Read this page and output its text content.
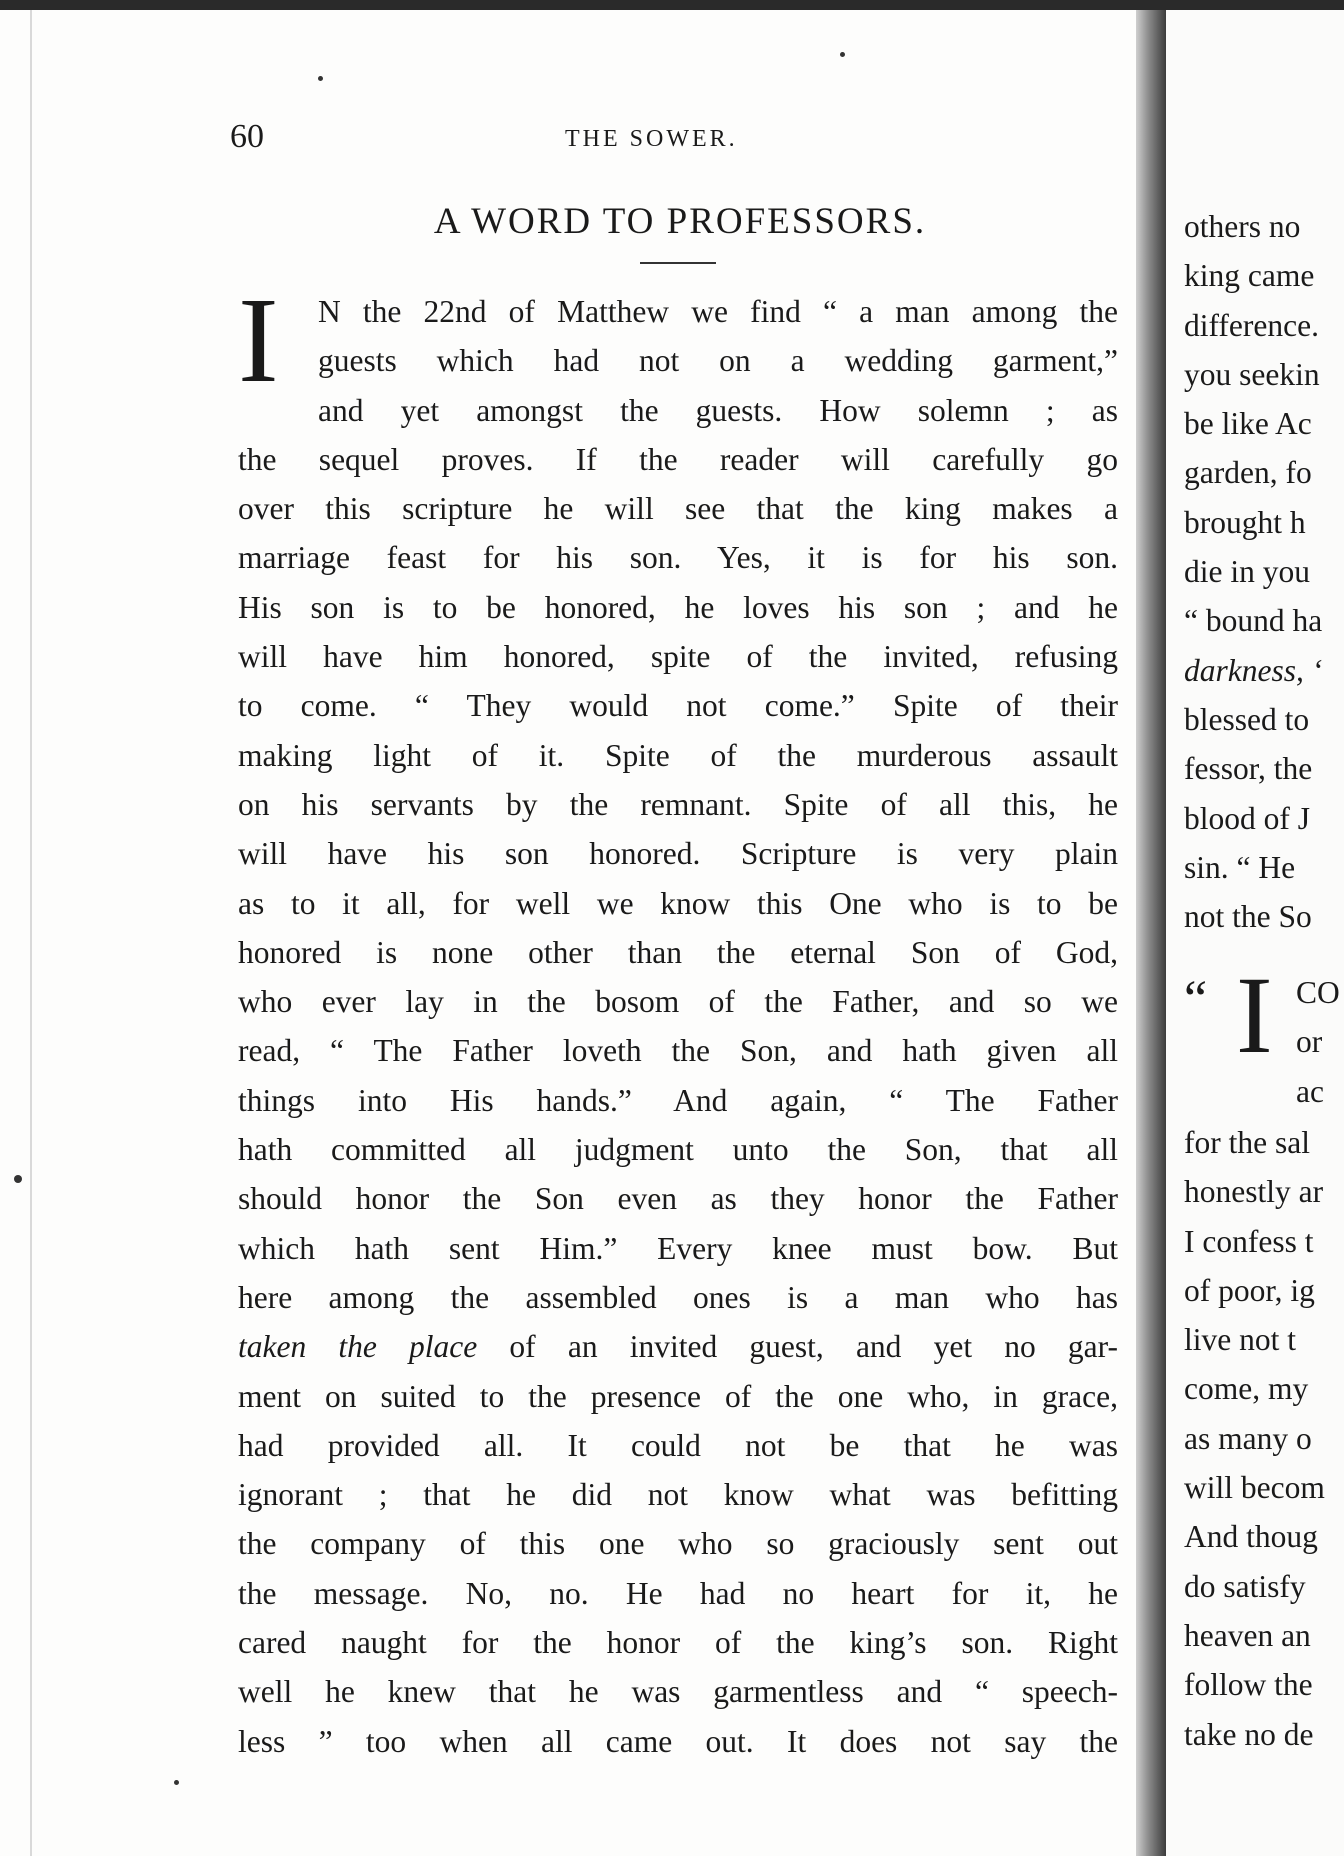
60	THE SOWER.
A WORD TO PROFESSORS.
I N the 22nd of Matthew we find “ a man among the
guests which had not on a wedding garment,”
and yet amongst the guests. How solemn ; as
the sequel proves. If the reader will carefully go
over this scripture he will see that the king makes a
marriage feast for his son. Yes, it is for his son.
His son is to be honored, he loves his son ; and he
will have him honored, spite of the invited, refusing
to come. “ They would not come.” Spite of their
making light of it. Spite of the murderous assault
on his servants by the remnant. Spite of all this, he
will have his son honored. Scripture is very plain
as to it all, for well we know this One who is to be
honored is none other than the eternal Son of God,
who ever lay in the bosom of the Father, and so we
read, “ The Father loveth the Son, and hath given all
things into His hands.” And again, “ The Father
hath committed all judgment unto the Son, that all
should honor the Son even as they honor the Father
which hath sent Him.” Every knee must bow. But
here among the assembled ones is a man who has
taken the place of an invited guest, and yet no gar-
ment on suited to the presence of the one who, in grace,
had provided all. It could not be that he was
ignorant ; that he did not know what was befitting
the company of this one who so graciously sent out
the message. No, no. He had no heart for it, he
cared naught for the honor of the king’s son. Right
well he knew that he was garmentless and “ speech-
less ” too when all came out. It does not say the
others no
king came
difference.
you seekin
be like Ac
garden, fo
brought h
die in you
“ bound ha
darkness, ‘
blessed to
fessor, the
blood of J
sin. “ He
not the So
“ I CO
or
ac
for the sal
honestly ar
I confess t
of poor, ig
live not t
come, my
as many o
will becom
And thoug
do satisfy
heaven an
follow the
take no de
